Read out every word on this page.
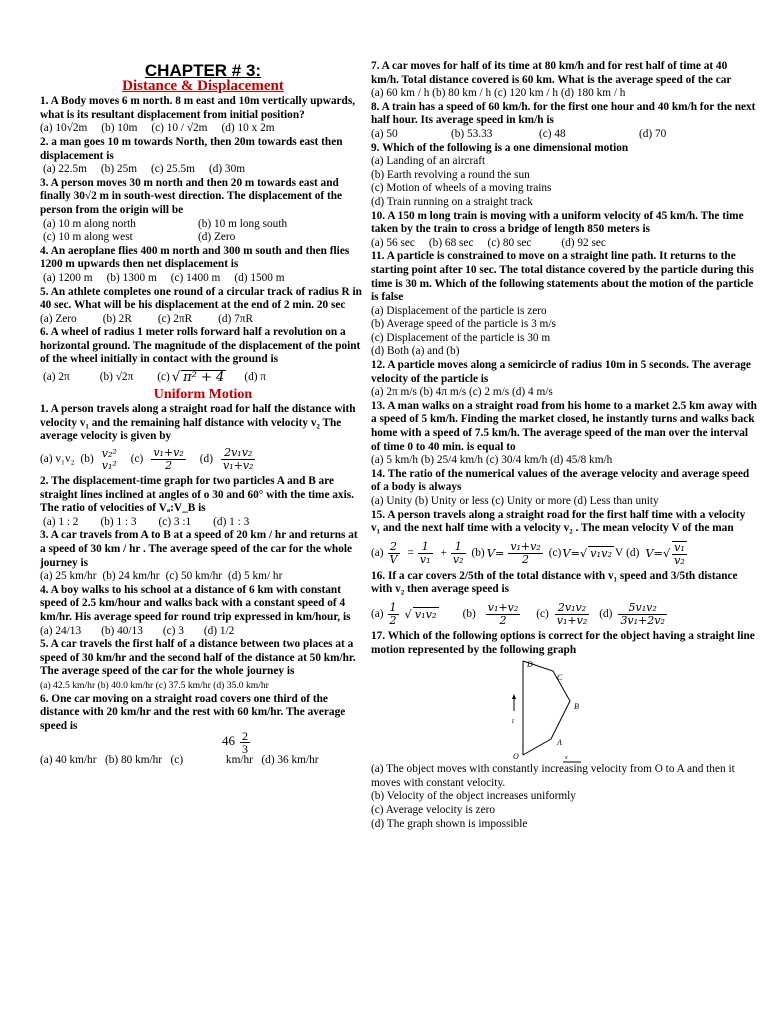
CHAPTER # 3:
Distance & Displacement
1. A Body moves 6 m north. 8 m east and 10m vertically upwards, what is its resultant displacement from initial position?
(a) 10√2m (b) 10m (c) 10 / √2m (d) 10 x 2m
2. a man goes 10 m towards North, then 20m towards east then displacement is
(a) 22.5m (b) 25m (c) 25.5m (d) 30m
3. A person moves 30 m north and then 20 m towards east and finally 30√2 m in south-west direction. The displacement of the person from the origin will be
(a) 10 m along north	(b) 10 m long south
(c) 10 m along west	(d) Zero
4. An aeroplane flies 400 m north and 300 m south and then flies 1200 m upwards then net displacement is
(a) 1200 m (b) 1300 m (c) 1400 m (d) 1500 m
5. An athlete completes one round of a circular track of radius R in 40 sec. What will be his displacement at the end of 2 min. 20 sec
(a) Zero (b) 2R (c) 2πR (d) 7πR
6. A wheel of radius 1 meter rolls forward half a revolution on a horizontal ground. The magnitude of the displacement of the point of the wheel initially in contact with the ground is
(a) 2π	(b) √2π (c) √ π² + 4 (d) π
Uniform Motion
1. A person travels along a straight road for half the distance with velocity v₁ and the remaining half distance with velocity v₂ The average velocity is given by
(a) v₁v₂ (b) v₂²
v₁² $(c) \frac{\text{v₁+v₂}}{2} (d) \frac{\text{2v₁v₂}}{\text{v₁+v₂}}$
2. The displacement-time graph for two particles A and B are straight lines inclined at angles of o 30 and 60° with the time axis. The ratio of velocities of Vₐ:V_B is
(a) 1 : 2 (b) 1 : 3 (c) 3 :1 (d) 1 : 3
3. A car travels from A to B at a speed of 20 km / hr and returns at a speed of 30 km / hr . The average speed of the car for the whole journey is
(a) 25 km/hr (b) 24 km/hr (c) 50 km/hr (d) 5 km/ hr
4. A boy walks to his school at a distance of 6 km with constant speed of 2.5 km/hour and walks back with a constant speed of 4 km/hr. His average speed for round trip expressed in km/hour, is
(a) 24/13 (b) 40/13 (c) 3 (d) 1/2
5. A car travels the first half of a distance between two places at a speed of 30 km/hr and the second half of the distance at 50 km/hr. The average speed of the car for the whole journey is
(a) 42.5 km/hr (b) 40.0 km/hr (c) 37.5 km/hr (d) 35.0 km/hr
6. One car moving on a straight road covers one third of the distance with 20 km/hr and the rest with 60 km/hr. The average speed is
$46 \frac{2}{3}$
(a) 40 km/hr (b) 80 km/hr (c)	km/hr (d) 36 km/hr
7. A car moves for half of its time at 80 km/h and for rest half of time at 40 km/h. Total distance covered is 60 km. What is the average speed of the car
(a) 60 km / h (b) 80 km / h (c) 120 km / h (d) 180 km / h
8. A train has a speed of 60 km/h. for the first one hour and 40 km/h for the next half hour. Its average speed in km/h is
(a) 50	(b) 53.33	(c) 48	(d) 70
9. Which of the following is a one dimensional motion
(a) Landing of an aircraft
(b) Earth revolving a round the sun
(c) Motion of wheels of a moving trains
(d) Train running on a straight track
10. A 150 m long train is moving with a uniform velocity of 45 km/h. The time taken by the train to cross a bridge of length 850 meters is
(a) 56 sec (b) 68 sec (c) 80 sec	(d) 92 sec
11. A particle is constrained to move on a straight line path. It returns to the starting point after 10 sec. The total distance covered by the particle during this time is 30 m. Which of the following statements about the motion of the particle is false
(a) Displacement of the particle is zero
(b) Average speed of the particle is 3 m/s
(c) Displacement of the particle is 30 m
(d) Both (a) and (b)
12. A particle moves along a semicircle of radius 10m in 5 seconds. The average velocity of the particle is
(a) 2π m/s (b) 4π m/s (c) 2 m/s (d) 4 m/s
13. A man walks on a straight road from his home to a market 2.5 km away with a speed of 5 km/h. Finding the market closed, he instantly turns and walks back home with a speed of 7.5 km/h. The average speed of the man over the interval of time 0 to 40 min. is equal to
(a) 5 km/h (b) 25/4 km/h (c) 30/4 km/h (d) 45/8 km/h
14. The ratio of the numerical values of the average velocity and average speed of a body is always
(a) Unity (b) Unity or less (c) Unity or more (d) Less than unity
15. A person travels along a straight road for the first half time with a velocity v₁ and the next half time with a velocity v₂ . The mean velocity V of the man
$(a) \frac{2}{V} = \frac{1}{\text{v₁}} + \frac{1}{\text{v₂}} (b)$ $V= \frac{\text{v₁+v₂}}{2} (c)$ V=√ v₁v₂ V (d) $V=√ \frac{\text{v₁}}{\text{v₂}}$
16. If a car covers 2/5th of the total distance with v₁ speed and 3/5th distance with v₂ then average speed is
$(a) \frac{1}{2}$ √ v₁v₂ $(b) \frac{\text{v₁+v₂}}{2} (c) \frac{\text{2v₁v₂}}{\text{v₁+v₂}} (d) \frac{\text{5v₁v₂}}{\text{3v₁+2v₂}}$
17. Which of the following options is correct for the object having a straight line motion represented by the following graph
D
C
B
A
O
t
x
(a) The object moves with constantly increasing velocity from O to A and then it moves with constant velocity.
(b) Velocity of the object increases uniformly
(c) Average velocity is zero
(d) The graph shown is impossible
